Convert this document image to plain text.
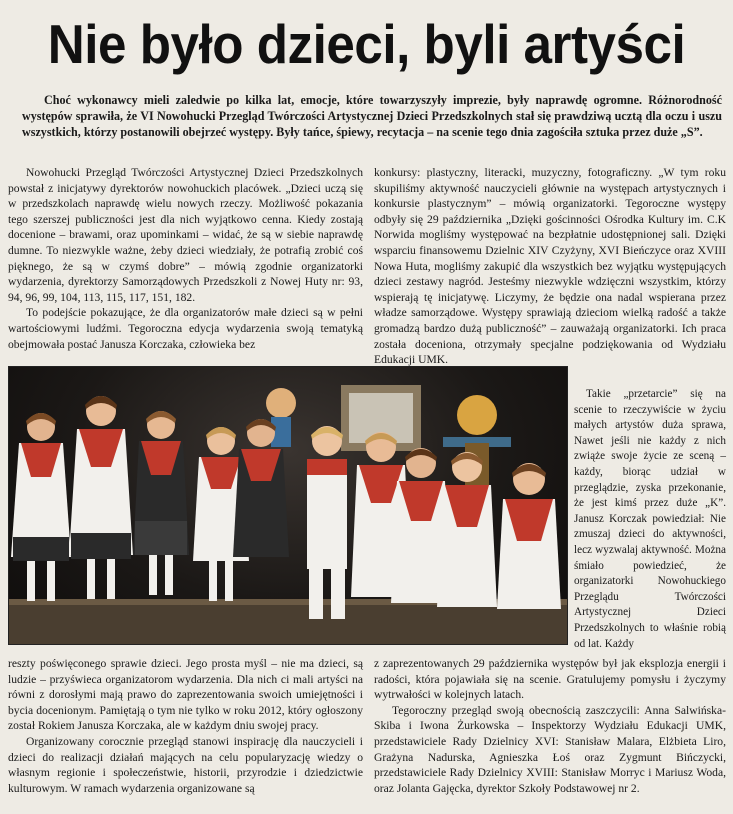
Nie było dzieci, byli artyści

Choć wykonawcy mieli zaledwie po kilka lat, emocje, które towarzyszyły imprezie, były naprawdę ogromne. Różnorodność występów sprawiła, że VI Nowohucki Przegląd Twórczości Artystycznej Dzieci Przedszkolnych stał się prawdziwą ucztą dla oczu i uszu wszystkich, którzy postanowili obejrzeć występy. Były tańce, śpiewy, recytacja – na scenie tego dnia zagościła sztuka przez duże „S”.

Nowohucki Przegląd Twórczości Artystycznej Dzieci Przedszkolnych powstał z inicjatywy dyrektorów nowohuckich placówek. „Dzieci uczą się w przedszkolach naprawdę wielu nowych rzeczy. Możliwość pokazania tego szerszej publiczności jest dla nich wyjątkowo cenna. Kiedy zostają docenione – brawami, oraz upominkami – widać, że są w siebie naprawdę dumne. To niezwykle ważne, żeby dzieci wiedziały, że potrafią zrobić coś pięknego, że są w czymś dobre” – mówią zgodnie organizatorki wydarzenia, dyrektorzy Samorządowych Przedszkoli z Nowej Huty nr: 93, 94, 96, 99, 104, 113, 115, 117, 151, 182.

To podejście pokazujące, że dla organizatorów małe dzieci są w pełni wartościowymi ludźmi. Tegoroczna edycja wydarzenia swoją tematyką obejmowała postać Janusza Korczaka, człowieka bez

konkursy: plastyczny, literacki, muzyczny, fotograficzny. „W tym roku skupiliśmy aktywność nauczycieli głównie na występach artystycznych i konkursie plastycznym” – mówią organizatorki. Tegoroczne występy odbyły się 29 października „Dzięki gościnności Ośrodka Kultury im. C.K Norwida mogliśmy występować na bezpłatnie udostępnionej sali. Dzięki wsparciu finansowemu Dzielnic XIV Czyżyny, XVI Bieńczyce oraz XVIII Nowa Huta, mogliśmy zakupić dla wszystkich bez wyjątku występujących dzieci zestawy nagród. Jesteśmy niezwykle wdzięczni wszystkim, którzy wspierają tę inicjatywę. Liczymy, że będzie ona nadal wspierana przez władze samorządowe. Występy sprawiają dzieciom wielką radość a także gromadzą bardzo dużą publiczność” – zauważają organizatorki. Ich praca została doceniona, otrzymały specjalne podziękowania od Wydziału Edukacji UMK.

Takie „przetarcie” się na scenie to rzeczywiście w życiu małych artystów duża sprawa, Nawet jeśli nie każdy z nich zwiąże swoje życie ze sceną – każdy, biorąc udział w przeglądzie, zyska przekonanie, że jest kimś przez duże „K”. Janusz Korczak powiedział: Nie zmuszaj dzieci do aktywności, lecz wyzwalaj aktywność. Można śmiało powiedzieć, że organizatorki Nowohuckiego Przeglądu Twórczości Artystycznej Dzieci Przedszkolnych to właśnie robią od lat. Każdy

reszty poświęconego sprawie dzieci. Jego prosta myśl – nie ma dzieci, są ludzie – przyświeca organizatorom wydarzenia. Dla nich ci mali artyści na równi z dorosłymi mają prawo do zaprezentowania swoich umiejętności i bycia docenionym. Pamiętają o tym nie tylko w roku 2012, który ogłoszony został Rokiem Janusza Korczaka, ale w każdym dniu swojej pracy.

Organizowany corocznie przegląd stanowi inspirację dla nauczycieli i dzieci do realizacji działań mających na celu popularyzację wiedzy o własnym regionie i społeczeństwie, historii, przyrodzie i dziedzictwie kulturowym. W ramach wydarzenia organizowane są

z zaprezentowanych 29 października występów był jak eksplozja energii i radości, która pojawiała się na scenie. Gratulujemy pomysłu i życzymy wytrwałości w kolejnych latach.

Tegoroczny przegląd swoją obecnością zaszczycili: Anna Salwińska-Skiba i Iwona Żurkowska – Inspektorzy Wydziału Edukacji UMK, przedstawiciele Rady Dzielnicy XVI: Stanisław Malara, Elżbieta Liro, Grażyna Nadurska, Agnieszka Łoś oraz Zygmunt Bińczycki, przedstawiciele Rady Dzielnicy XVIII: Stanisław Morryc i Mariusz Woda, oraz Jolanta Gajęcka, dyrektor Szkoły Podstawowej nr 2.
